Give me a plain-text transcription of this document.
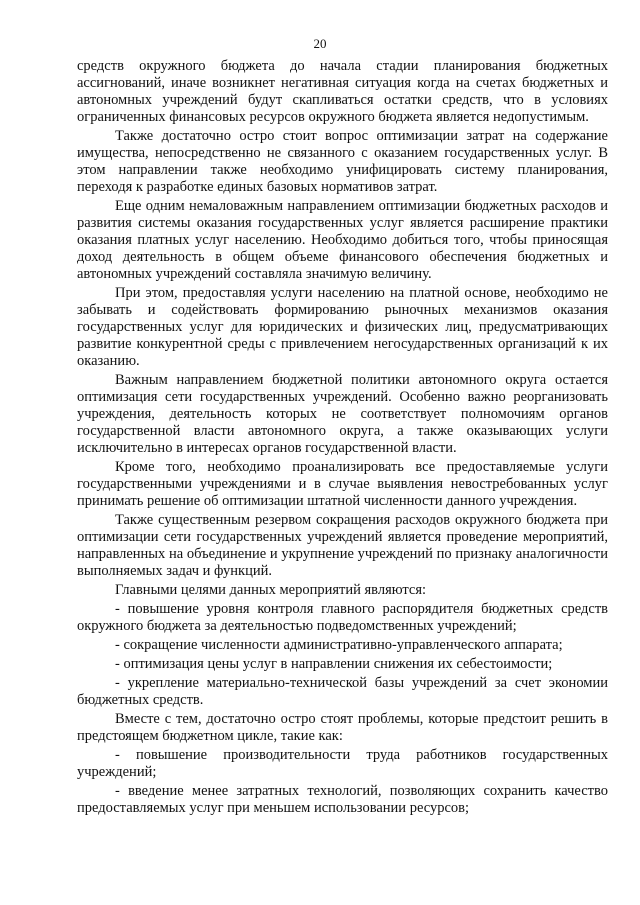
20

средств окружного бюджета до начала стадии планирования бюджетных ассигнований, иначе возникнет негативная ситуация когда на счетах бюджетных и автономных учреждений будут скапливаться остатки средств, что в условиях ограниченных финансовых ресурсов окружного бюджета является недопустимым.

Также достаточно остро стоит вопрос оптимизации затрат на содержание имущества, непосредственно не связанного с оказанием государственных услуг. В этом направлении также необходимо унифицировать систему планирования, переходя к разработке единых базовых нормативов затрат.

Еще одним немаловажным направлением оптимизации бюджетных расходов и развития системы оказания государственных услуг является расширение практики оказания платных услуг населению. Необходимо добиться того, чтобы приносящая доход деятельность в общем объеме финансового обеспечения бюджетных и автономных учреждений составляла значимую величину.

При этом, предоставляя услуги населению на платной основе, необходимо не забывать и содействовать формированию рыночных механизмов оказания государственных услуг для юридических и физических лиц, предусматривающих развитие конкурентной среды с привлечением негосударственных организаций к их оказанию.

Важным направлением бюджетной политики автономного округа остается оптимизация сети государственных учреждений. Особенно важно реорганизовать учреждения, деятельность которых не соответствует полномочиям органов государственной власти автономного округа, а также оказывающих услуги исключительно в интересах органов государственной власти.

Кроме того, необходимо проанализировать все предоставляемые услуги государственными учреждениями и в случае выявления невостребованных услуг принимать решение об оптимизации штатной численности данного учреждения.

Также существенным резервом сокращения расходов окружного бюджета при оптимизации сети государственных учреждений является проведение мероприятий, направленных на объединение и укрупнение учреждений по признаку аналогичности выполняемых задач и функций.

Главными целями данных мероприятий являются:

- повышение уровня контроля главного распорядителя бюджетных средств окружного бюджета за деятельностью подведомственных учреждений;

- сокращение численности административно-управленческого аппарата;

- оптимизация цены услуг в направлении снижения их себестоимости;

- укрепление материально-технической базы учреждений за счет экономии бюджетных средств.

Вместе с тем, достаточно остро стоят проблемы, которые предстоит решить в предстоящем бюджетном цикле, такие как:

- повышение производительности труда работников государственных учреждений;

- введение менее затратных технологий, позволяющих сохранить качество предоставляемых услуг при меньшем использовании ресурсов;
